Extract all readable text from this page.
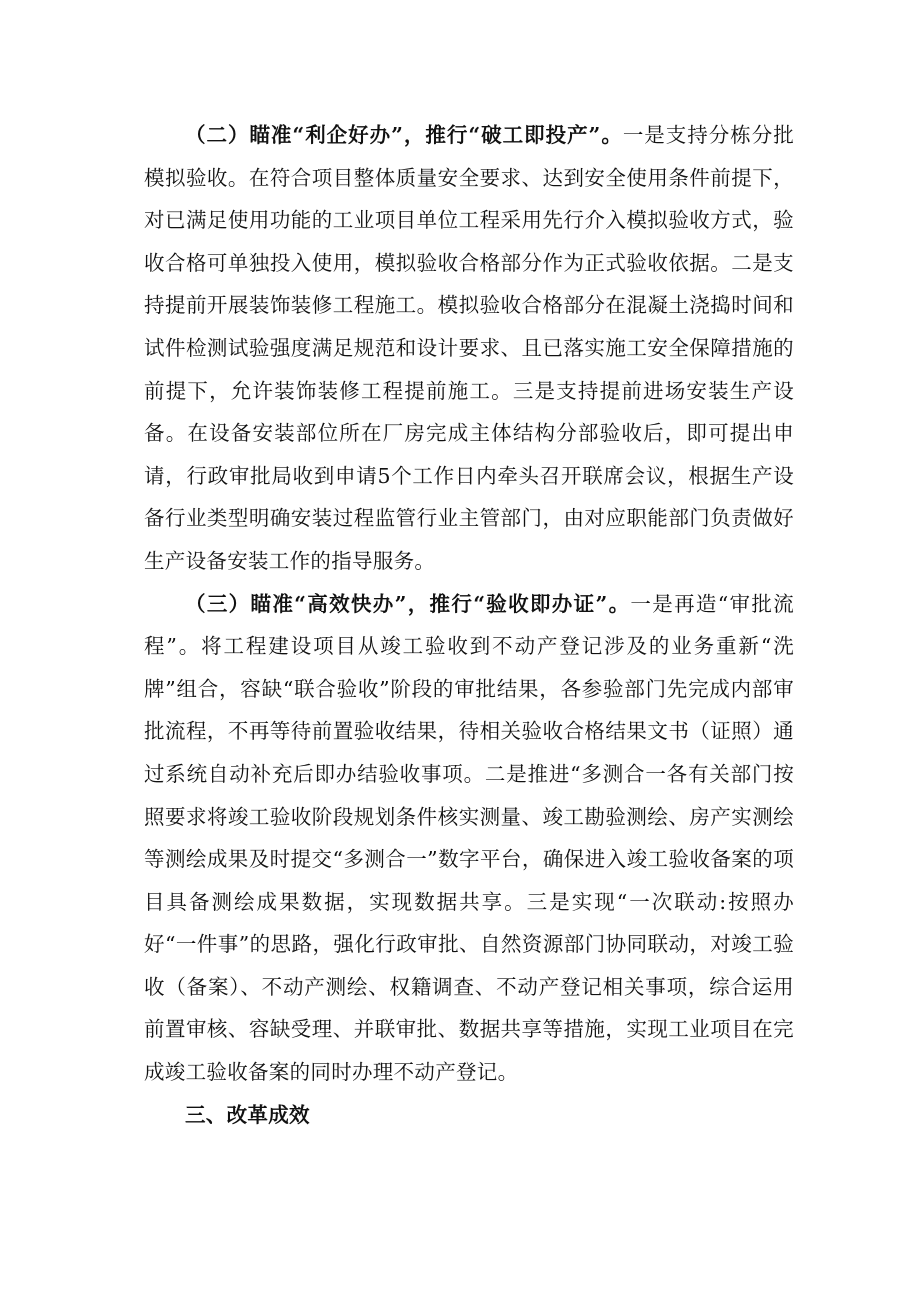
（二）瞄准“利企好办”，推行“破工即投产”。一是支持分栋分批模拟验收。在符合项目整体质量安全要求、达到安全使用条件前提下，对已满足使用功能的工业项目单位工程采用先行介入模拟验收方式，验收合格可单独投入使用，模拟验收合格部分作为正式验收依据。二是支持提前开展装饰装修工程施工。模拟验收合格部分在混凝土浇捣时间和试件检测试验强度满足规范和设计要求、且已落实施工安全保障措施的前提下，允许装饰装修工程提前施工。三是支持提前进场安装生产设备。在设备安装部位所在厂房完成主体结构分部验收后，即可提出申请，行政审批局收到申请5个工作日内牵头召开联席会议，根据生产设备行业类型明确安装过程监管行业主管部门，由对应职能部门负责做好生产设备安装工作的指导服务。

（三）瞄准“高效快办”，推行“验收即办证”。一是再造“审批流程”。将工程建设项目从竣工验收到不动产登记涉及的业务重新“洗牌”组合，容缺“联合验收”阶段的审批结果，各参验部门先完成内部审批流程，不再等待前置验收结果，待相关验收合格结果文书（证照）通过系统自动补充后即办结验收事项。二是推进“多测合一各有关部门按照要求将竣工验收阶段规划条件核实测量、竣工勘验测绘、房产实测绘等测绘成果及时提交“多测合一”数字平台，确保进入竣工验收备案的项目具备测绘成果数据，实现数据共享。三是实现“一次联动:按照办好“一件事”的思路，强化行政审批、自然资源部门协同联动，对竣工验收（备案）、不动产测绘、权籍调查、不动产登记相关事项，综合运用前置审核、容缺受理、并联审批、数据共享等措施，实现工业项目在完成竣工验收备案的同时办理不动产登记。

三、改革成效
